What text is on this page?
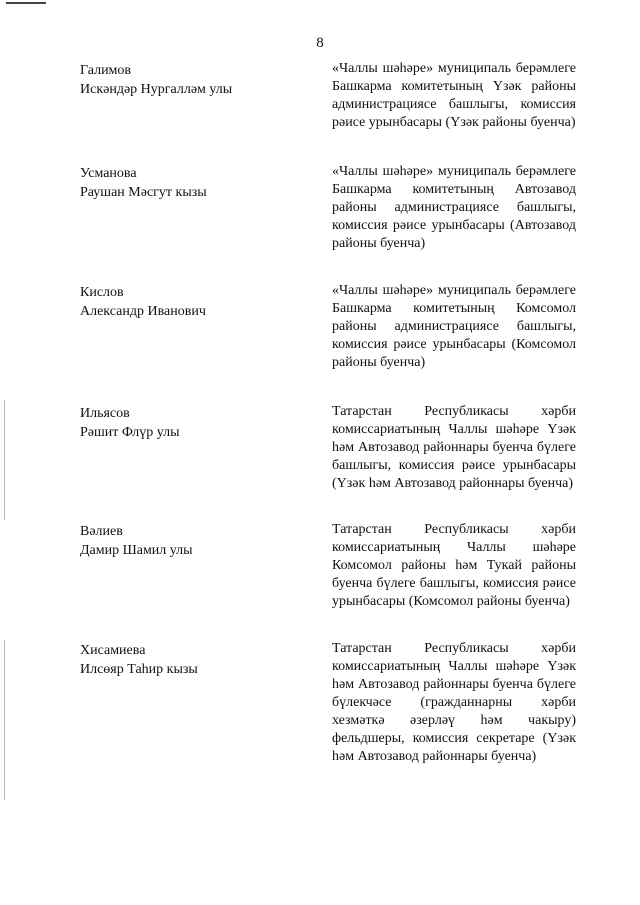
8
Галимов
Искәндәр Нургалләм улы
«Чаллы шәһәре» муниципаль берәмлеге Башкарма комитетының Үзәк районы администрациясе башлыгы, комиссия рәисе урынбасары (Үзәк районы буенча)
Усманова
Раушан Мәсгут кызы
«Чаллы шәһәре» муниципаль берәмлеге Башкарма комитетының Автозавод районы администрациясе башлыгы, комиссия рәисе урынбасары (Автозавод районы буенча)
Кислов
Александр Иванович
«Чаллы шәһәре» муниципаль берәмлеге Башкарма комитетының Комсомол районы администрациясе башлыгы, комиссия рәисе урынбасары (Комсомол районы буенча)
Ильясов
Рәшит Флүр улы
Татарстан Республикасы хәрби комиссариатының Чаллы шәһәре Үзәк һәм Автозавод районнары буенча бүлеге башлыгы, комиссия рәисе урынбасары (Үзәк һәм Автозавод районнары буенча)
Вәлиев
Дамир Шамил улы
Татарстан Республикасы хәрби комиссариатының Чаллы шәһәре Комсомол районы һәм Тукай районы буенча бүлеге башлыгы, комиссия рәисе урынбасары (Комсомол районы буенча)
Хисамиева
Илсөяр Таһир кызы
Татарстан Республикасы хәрби комиссариатының Чаллы шәһәре Үзәк һәм Автозавод районнары буенча бүлеге бүлекчәсе (гражданнарны хәрби хезмәткә әзерләү һәм чакыру) фельдшеры, комиссия секретаре (Үзәк һәм Автозавод районнары буенча)
